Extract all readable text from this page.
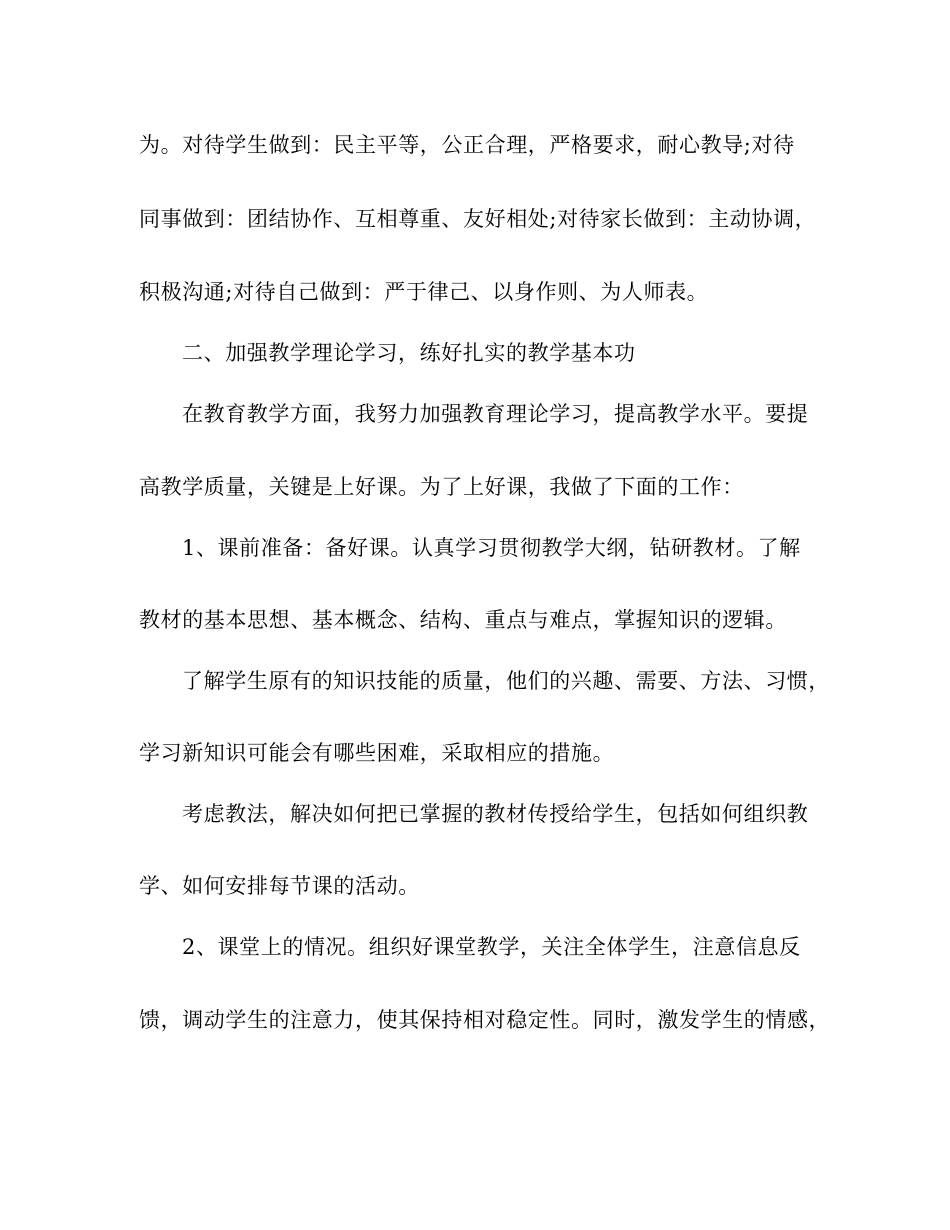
为。对待学生做到：民主平等，公正合理，严格要求，耐心教导;对待
同事做到：团结协作、互相尊重、友好相处;对待家长做到：主动协调，
积极沟通;对待自己做到：严于律己、以身作则、为人师表。
二、加强教学理论学习，练好扎实的教学基本功
在教育教学方面，我努力加强教育理论学习，提高教学水平。要提
高教学质量，关键是上好课。为了上好课，我做了下面的工作：
1、课前准备：备好课。认真学习贯彻教学大纲，钻研教材。了解
教材的基本思想、基本概念、结构、重点与难点，掌握知识的逻辑。
了解学生原有的知识技能的质量，他们的兴趣、需要、方法、习惯，
学习新知识可能会有哪些困难，采取相应的措施。
考虑教法，解决如何把已掌握的教材传授给学生，包括如何组织教
学、如何安排每节课的活动。
2、课堂上的情况。组织好课堂教学，关注全体学生，注意信息反
馈，调动学生的注意力，使其保持相对稳定性。同时，激发学生的情感，
